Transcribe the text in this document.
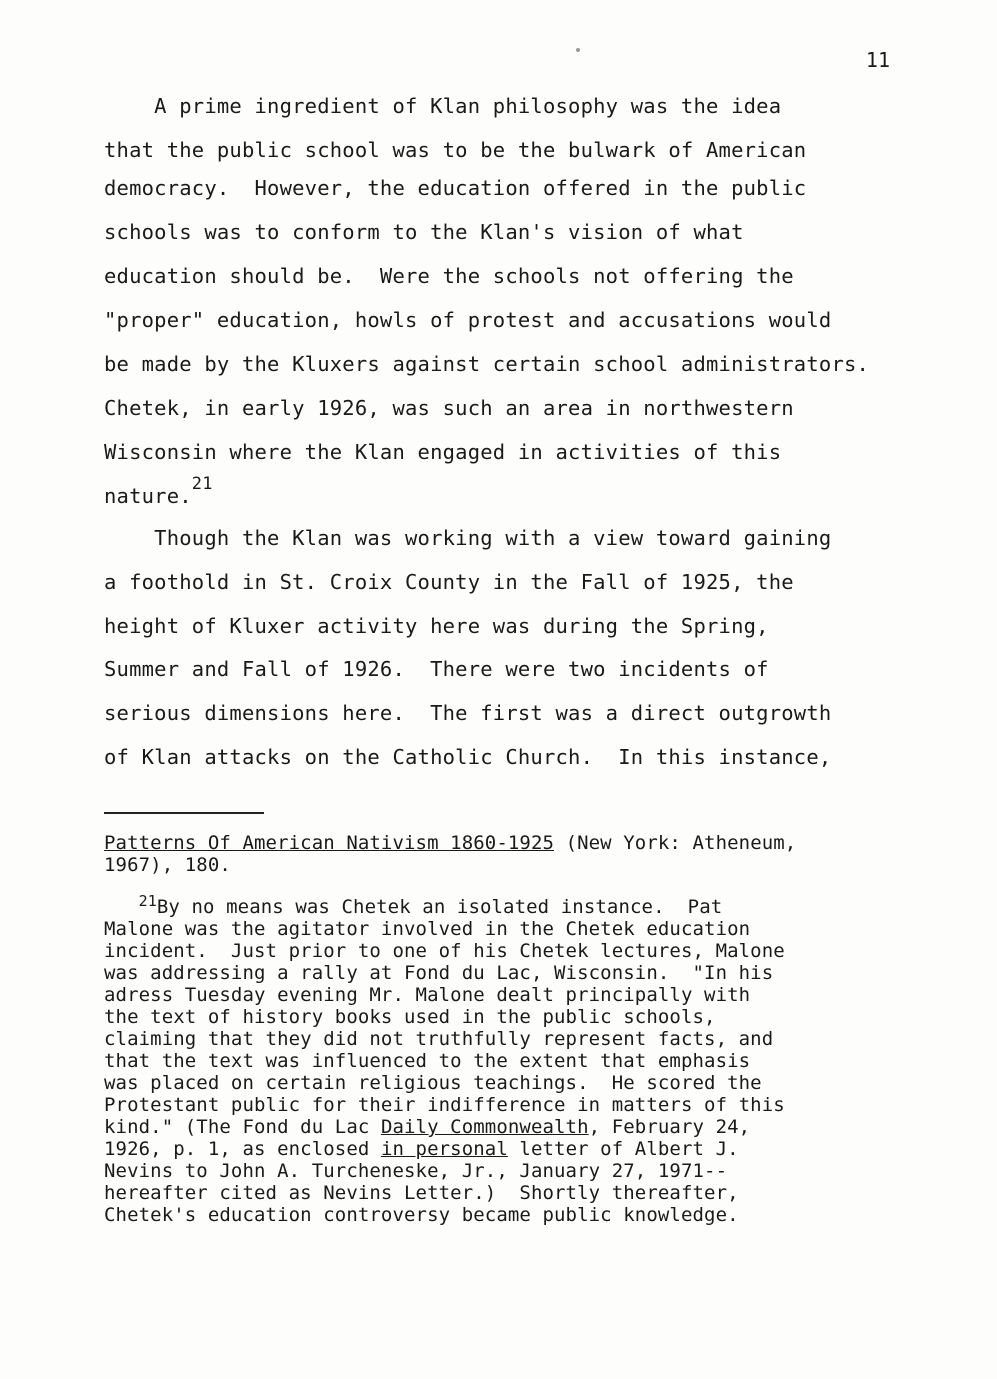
11
A prime ingredient of Klan philosophy was the idea
that the public school was to be the bulwark of American
democracy.  However, the education offered in the public
schools was to conform to the Klan's vision of what
education should be.  Were the schools not offering the
"proper" education, howls of protest and accusations would
be made by the Kluxers against certain school administrators.
Chetek, in early 1926, was such an area in northwestern
Wisconsin where the Klan engaged in activities of this
nature.$^{21}$
Though the Klan was working with a view toward gaining
a foothold in St. Croix County in the Fall of 1925, the
height of Kluxer activity here was during the Spring,
Summer and Fall of 1926.  There were two incidents of
serious dimensions here.  The first was a direct outgrowth
of Klan attacks on the Catholic Church.  In this instance,
Patterns Of American Nativism 1860-1925 (New York: Atheneum,
1967), 180.
$^{21}$By no means was Chetek an isolated instance.  Pat
Malone was the agitator involved in the Chetek education
incident.  Just prior to one of his Chetek lectures, Malone
was addressing a rally at Fond du Lac, Wisconsin.  "In his
adress Tuesday evening Mr. Malone dealt principally with
the text of history books used in the public schools,
claiming that they did not truthfully represent facts, and
that the text was influenced to the extent that emphasis
was placed on certain religious teachings.  He scored the
Protestant public for their indifference in matters of this
kind." (The Fond du Lac Daily Commonwealth, February 24,
1926, p. 1, as enclosed in personal letter of Albert J.
Nevins to John A. Turcheneske, Jr., January 27, 1971--
hereafter cited as Nevins Letter.)  Shortly thereafter,
Chetek's education controversy became public knowledge.
